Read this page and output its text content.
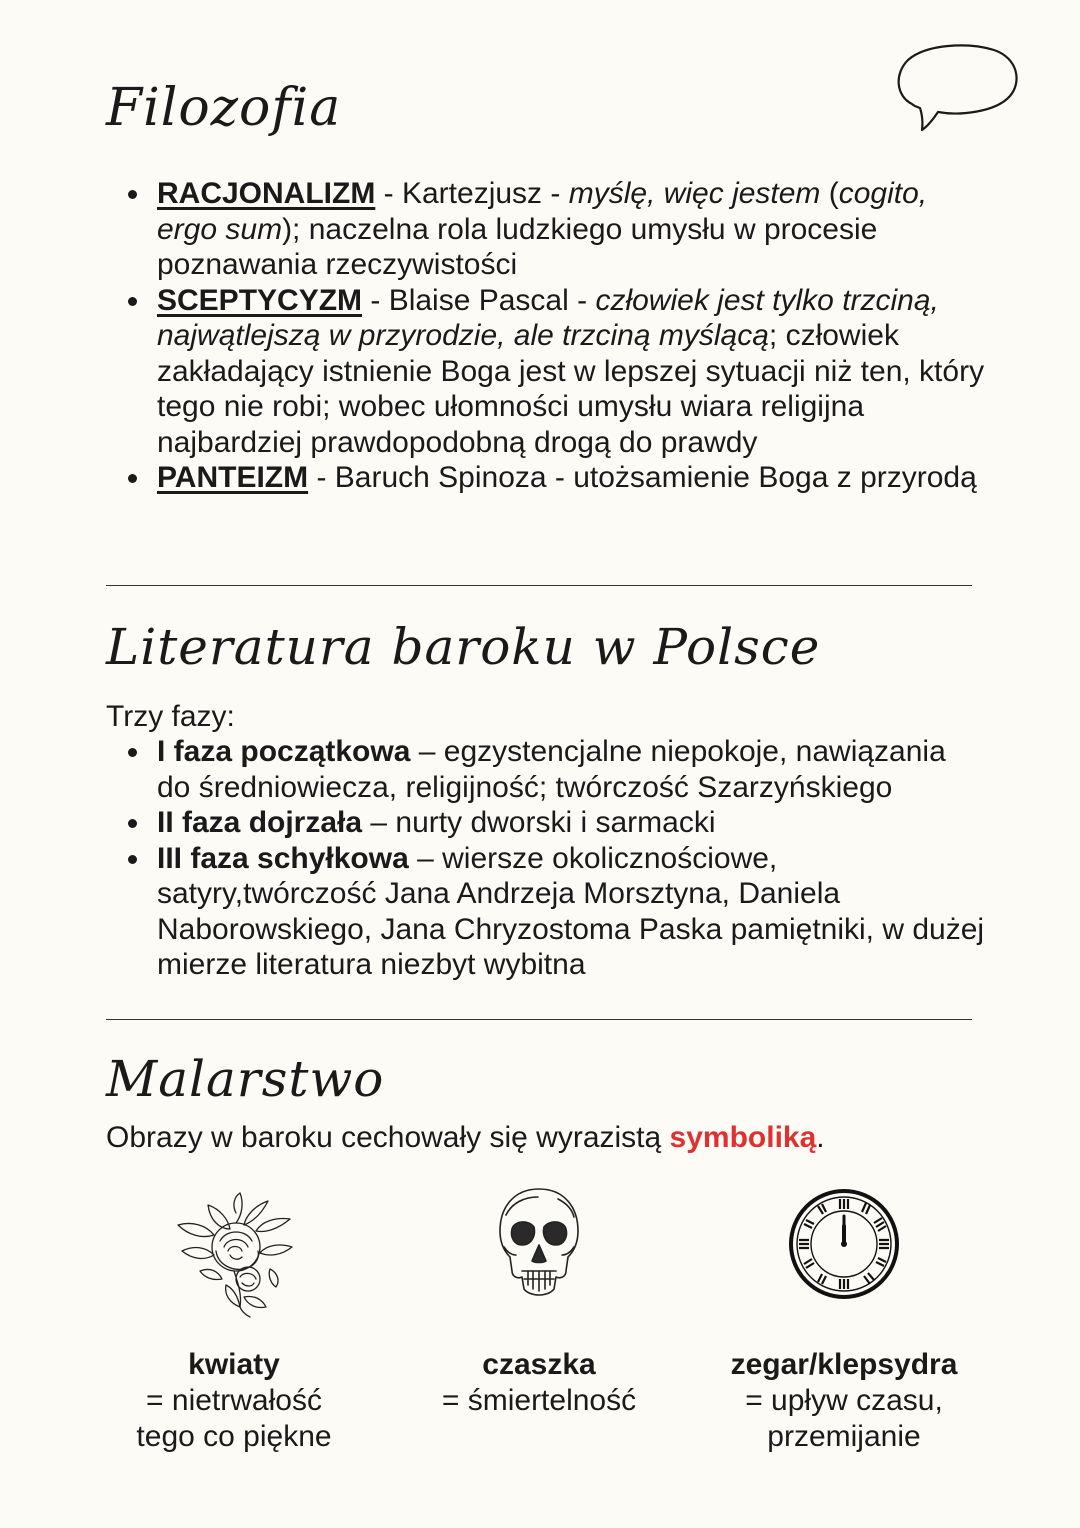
Filozofia
RACJONALIZM - Kartezjusz - myślę, więc jestem (cogito, ergo sum); naczelna rola ludzkiego umysłu w procesie poznawania rzeczywistości
SCEPTYCYZM - Blaise Pascal - człowiek jest tylko trzciną, najwątlejszą w przyrodzie, ale trzciną myślącą; człowiek zakładający istnienie Boga jest w lepszej sytuacji niż ten, który tego nie robi; wobec ułomności umysłu wiara religijna najbardziej prawdopodobną drogą do prawdy
PANTEIZM - Baruch Spinoza - utożsamienie Boga z przyrodą
Literatura baroku w Polsce

Trzy fazy:

I faza początkowa – egzystencjalne niepokoje, nawiązania do średniowiecza, religijność; twórczość Szarzyńskiego
II faza dojrzała – nurty dworski i sarmacki
III faza schyłkowa – wiersze okolicznościowe, satyry,twórczość Jana Andrzeja Morsztyna, Daniela Naborowskiego, Jana Chryzostoma Paska pamiętniki, w dużej mierze literatura niezbyt wybitna
Malarstwo

Obrazy w baroku cechowały się wyrazistą symboliką.

kwiaty
= nietrwałość
tego co piękne
czaszka
= śmiertelność
zegar/klepsydra
= upływ czasu,
przemijanie
